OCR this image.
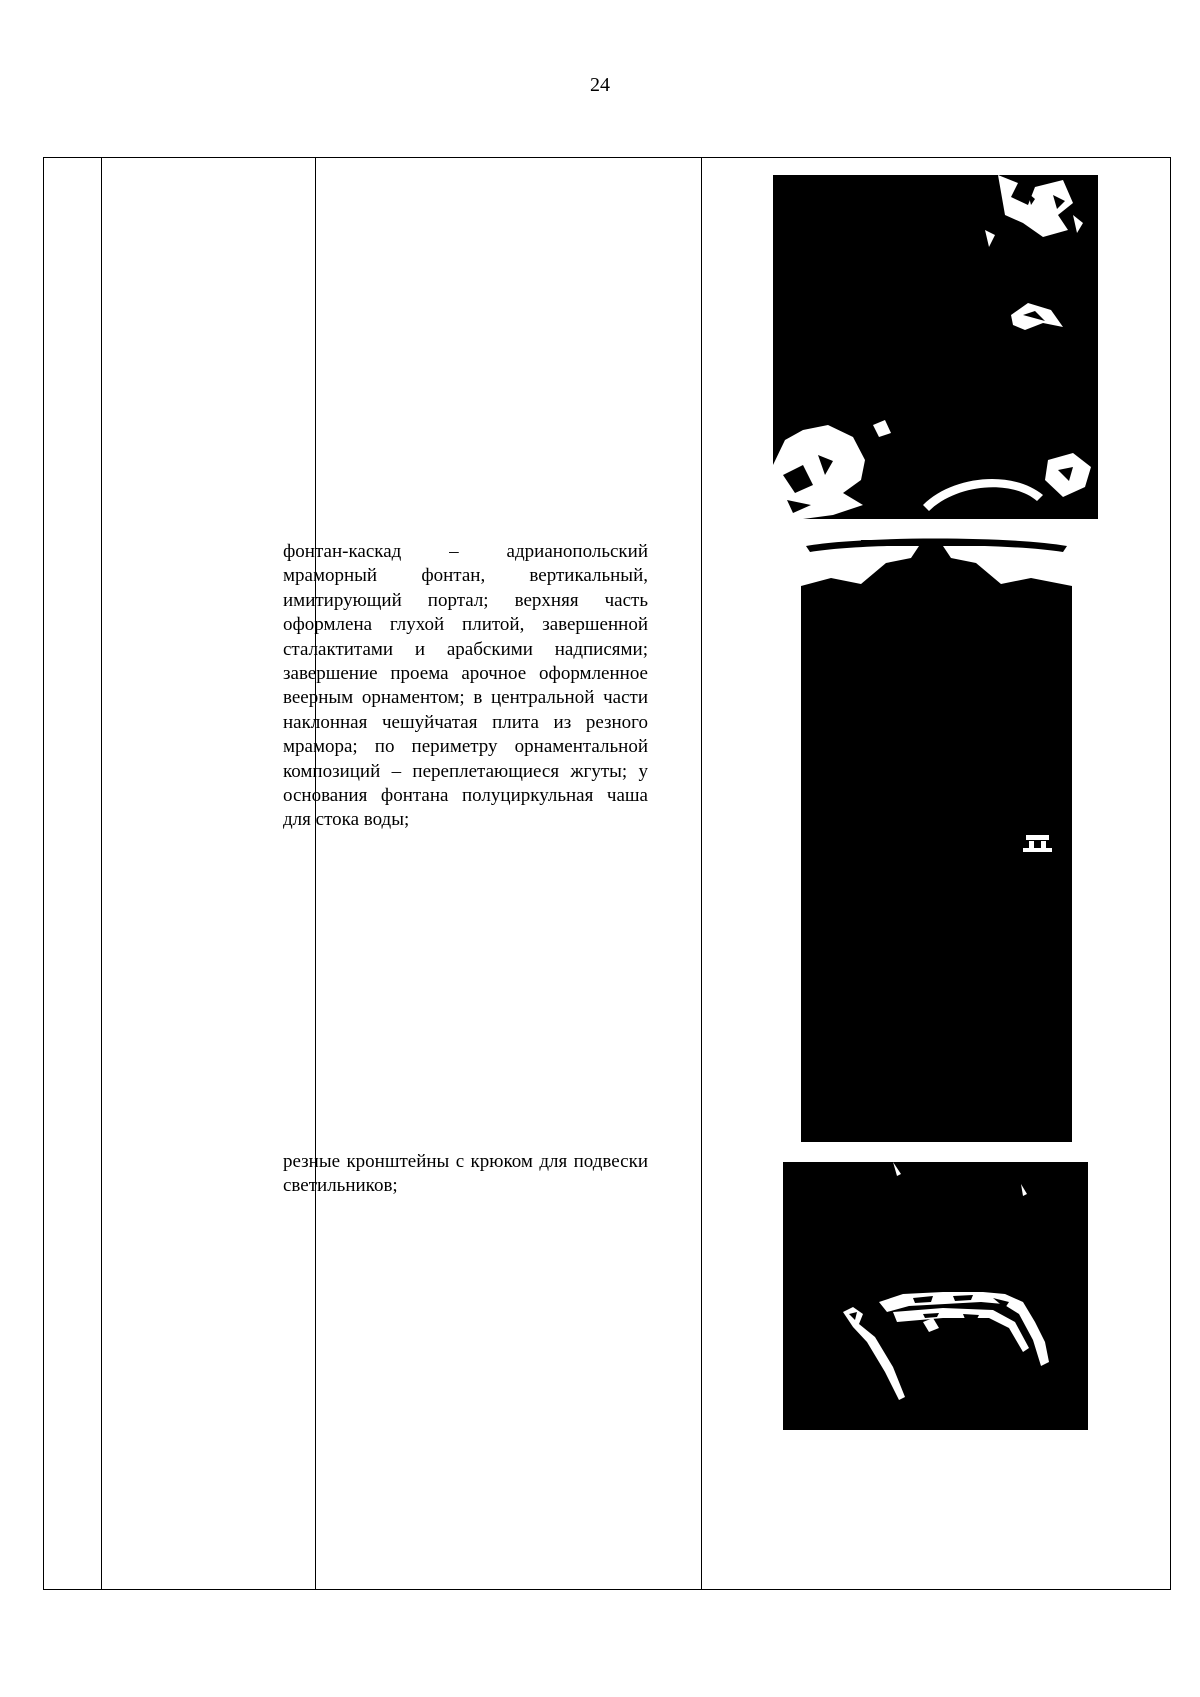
24
фонтан-каскад – адрианопольский мраморный фонтан, вертикальный, имитирующий портал; верхняя часть оформлена глухой плитой, завершенной сталактитами и арабскими надписями; завершение проема арочное оформленное веерным орнаментом; в центральной части наклонная чешуйчатая плита из резного мрамора; по периметру орнаментальной композиций – переплетающиеся жгуты; у основания фонтана полуциркульная чаша для стока воды;
резные кронштейны с крюком для подвески светильников;
